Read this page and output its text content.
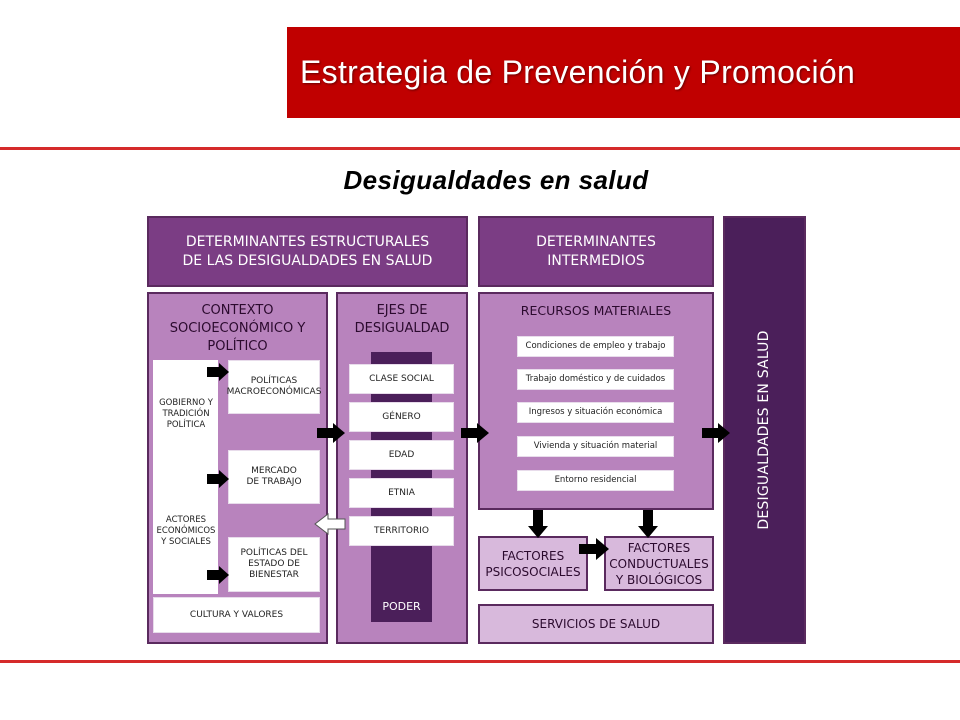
Estrategia de Prevención y Promoción
Desigualdades en salud
DETERMINANTES ESTRUCTURALES DE LAS DESIGUALDADES EN SALUD
DETERMINANTES INTERMEDIOS
DESIGUALDADES EN SALUD
CONTEXTO SOCIOECONÓMICO Y POLÍTICO
GOBIERNO Y TRADICIÓN POLÍTICA
ACTORES ECONÓMICOS Y SOCIALES
POLÍTICAS MACROECONÓMICAS
MERCADO DE TRABAJO
POLÍTICAS DEL ESTADO DE BIENESTAR
CULTURA Y VALORES
EJES DE DESIGUALDAD
PODER
CLASE SOCIAL
GÉNERO
EDAD
ETNIA
TERRITORIO
RECURSOS MATERIALES
Condiciones de empleo y trabajo
Trabajo doméstico y de cuidados
Ingresos y situación económica
Vivienda y situación material
Entorno residencial
FACTORES PSICOSOCIALES
FACTORES CONDUCTUALES Y BIOLÓGICOS
SERVICIOS DE SALUD
